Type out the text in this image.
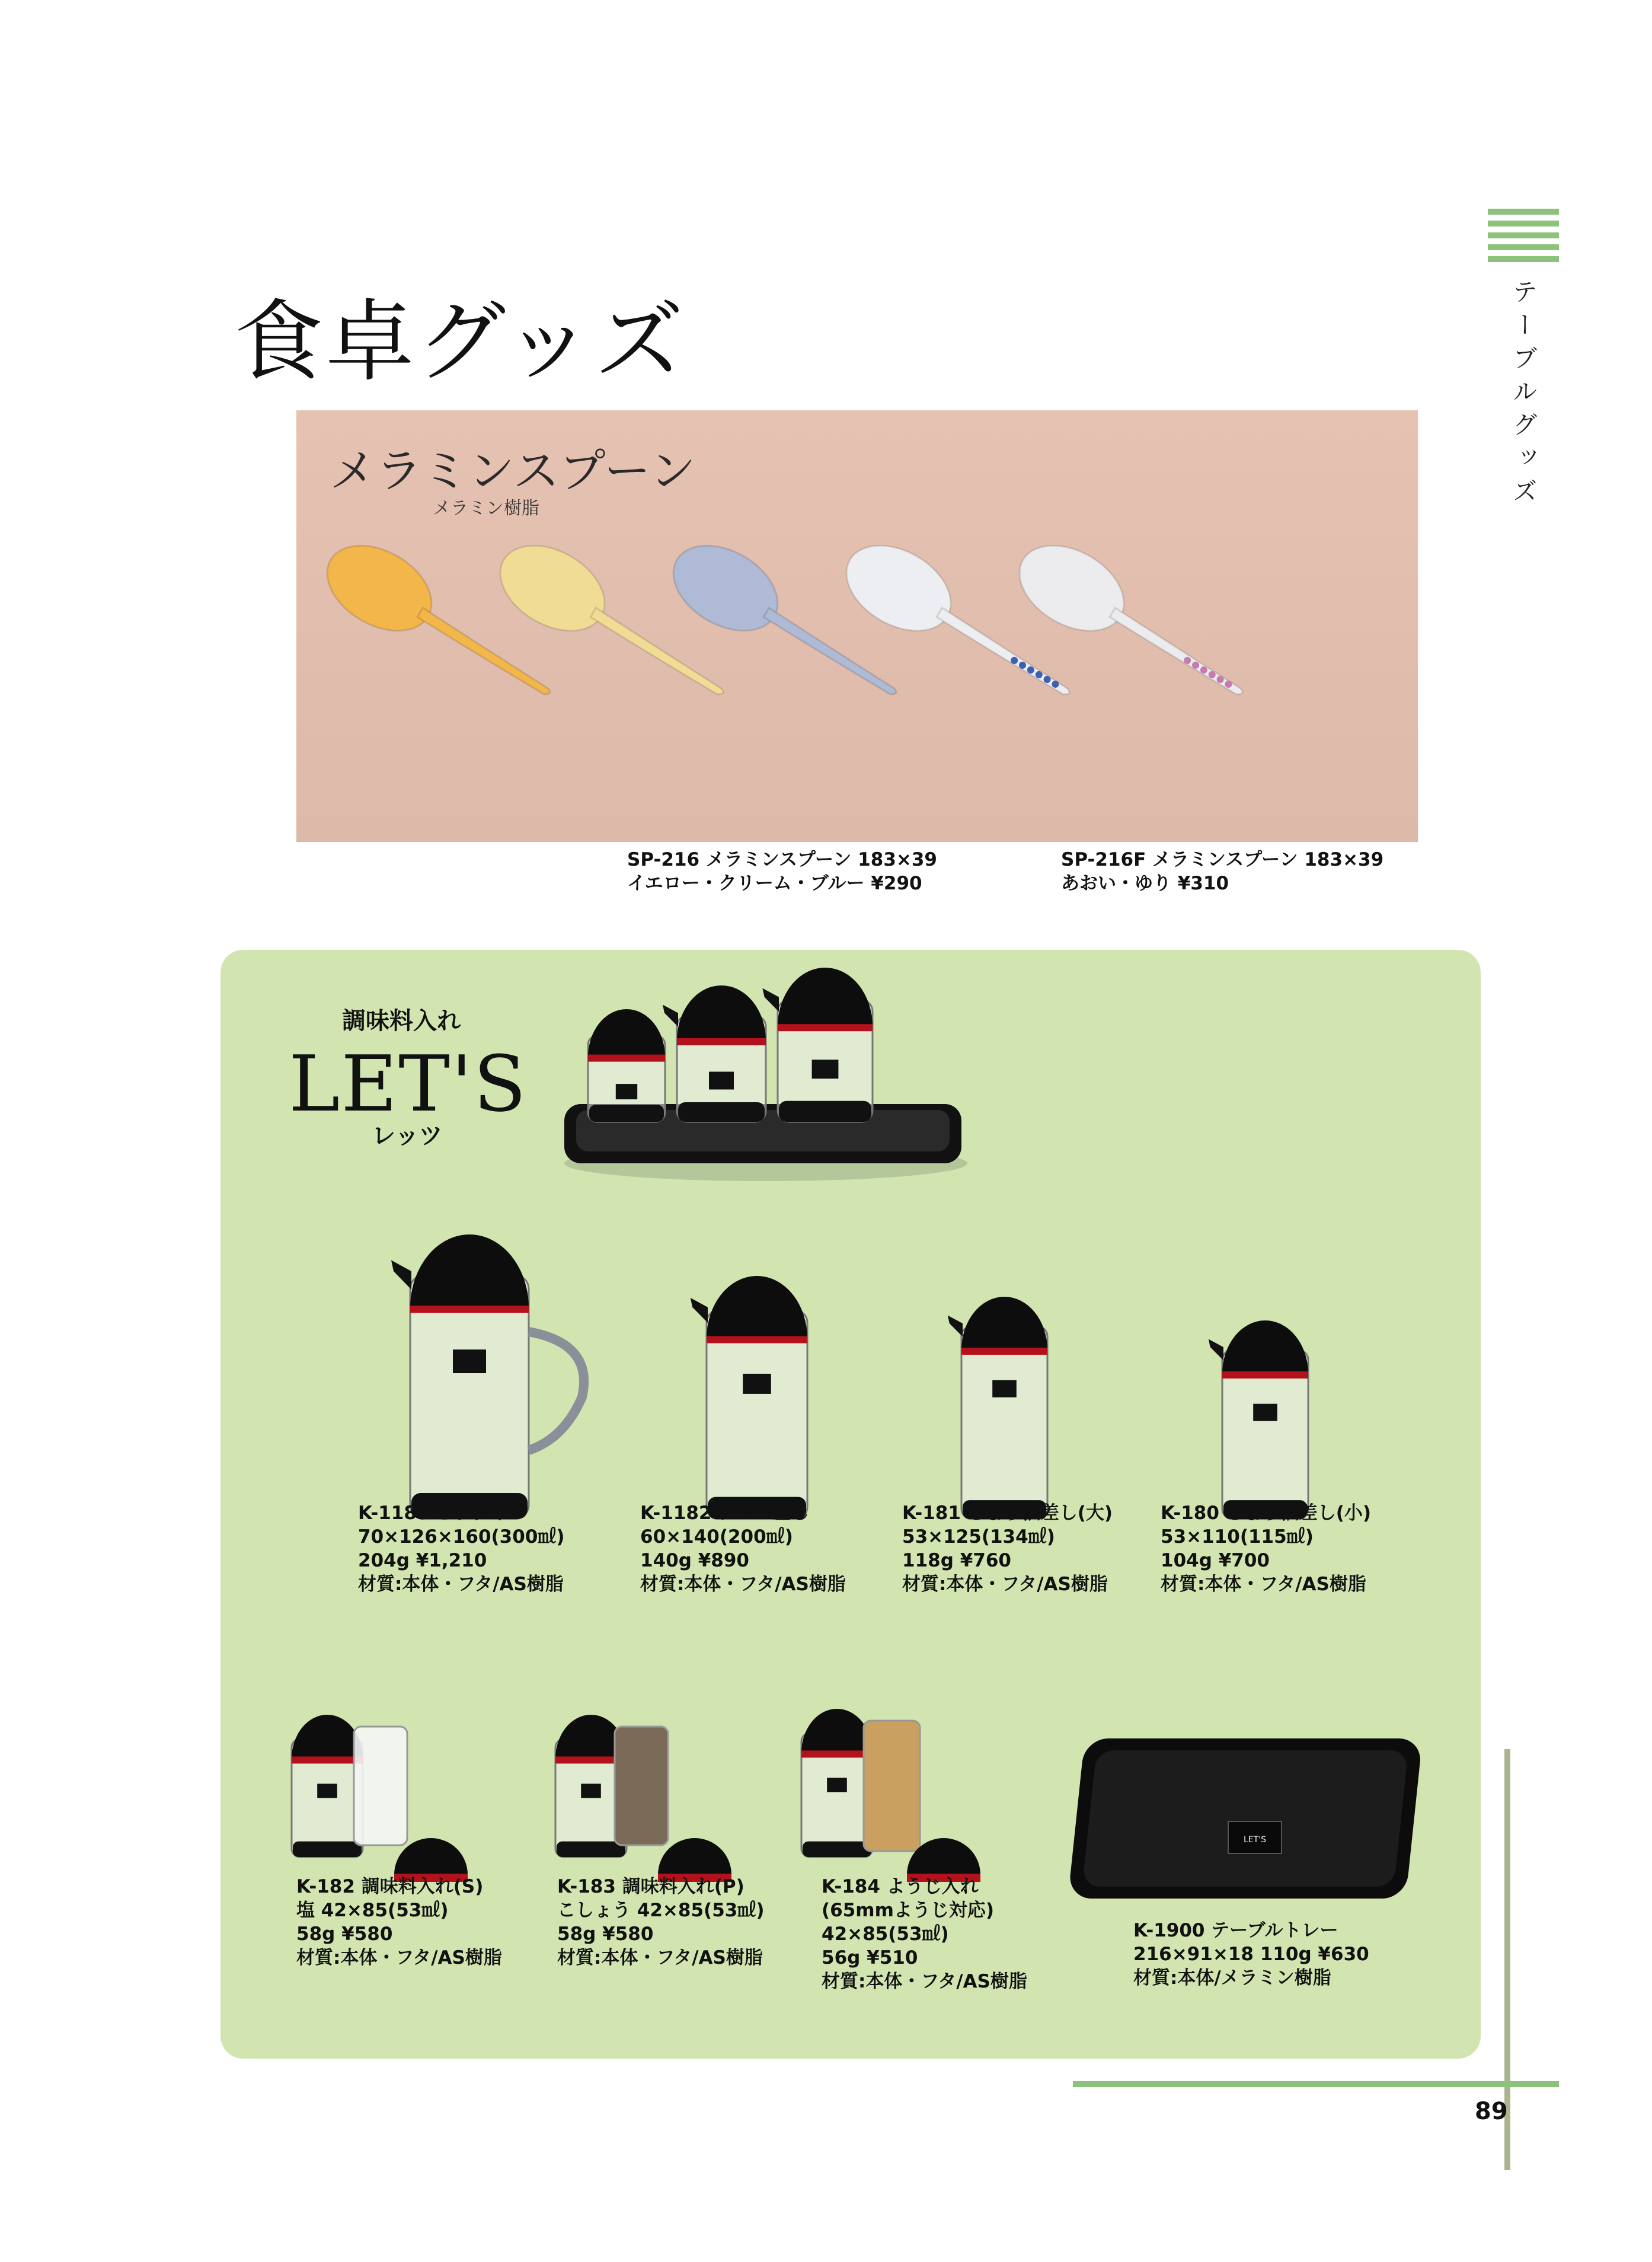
食卓グッズ	テーブルグッズ
メラミンスプーン
メラミン樹脂
SP-216 メラミンスプーン 183×39
イエロー・クリーム・ブルー ¥290
SP-216F メラミンスプーン 183×39
あおい・ゆり ¥310
調味料入れ
LET'S
レッツ
LET'S
K-1183 ピッチャー
70×126×160(300㎖)
204g ¥1,210
材質:本体・フタ/AS樹脂
K-1182 ソース差し
60×140(200㎖)
140g ¥890
材質:本体・フタ/AS樹脂
K-181 しょう油差し(大)
53×125(134㎖)
118g ¥760
材質:本体・フタ/AS樹脂
K-180 しょう油差し(小)
53×110(115㎖)
104g ¥700
材質:本体・フタ/AS樹脂
K-182 調味料入れ(S)
塩 42×85(53㎖)
58g ¥580
材質:本体・フタ/AS樹脂
K-183 調味料入れ(P)
こしょう 42×85(53㎖)
58g ¥580
材質:本体・フタ/AS樹脂
K-184 ようじ入れ
(65mmようじ対応)
42×85(53㎖)
56g ¥510
材質:本体・フタ/AS樹脂
K-1900 テーブルトレー
216×91×18 110g ¥630
材質:本体/メラミン樹脂
89
